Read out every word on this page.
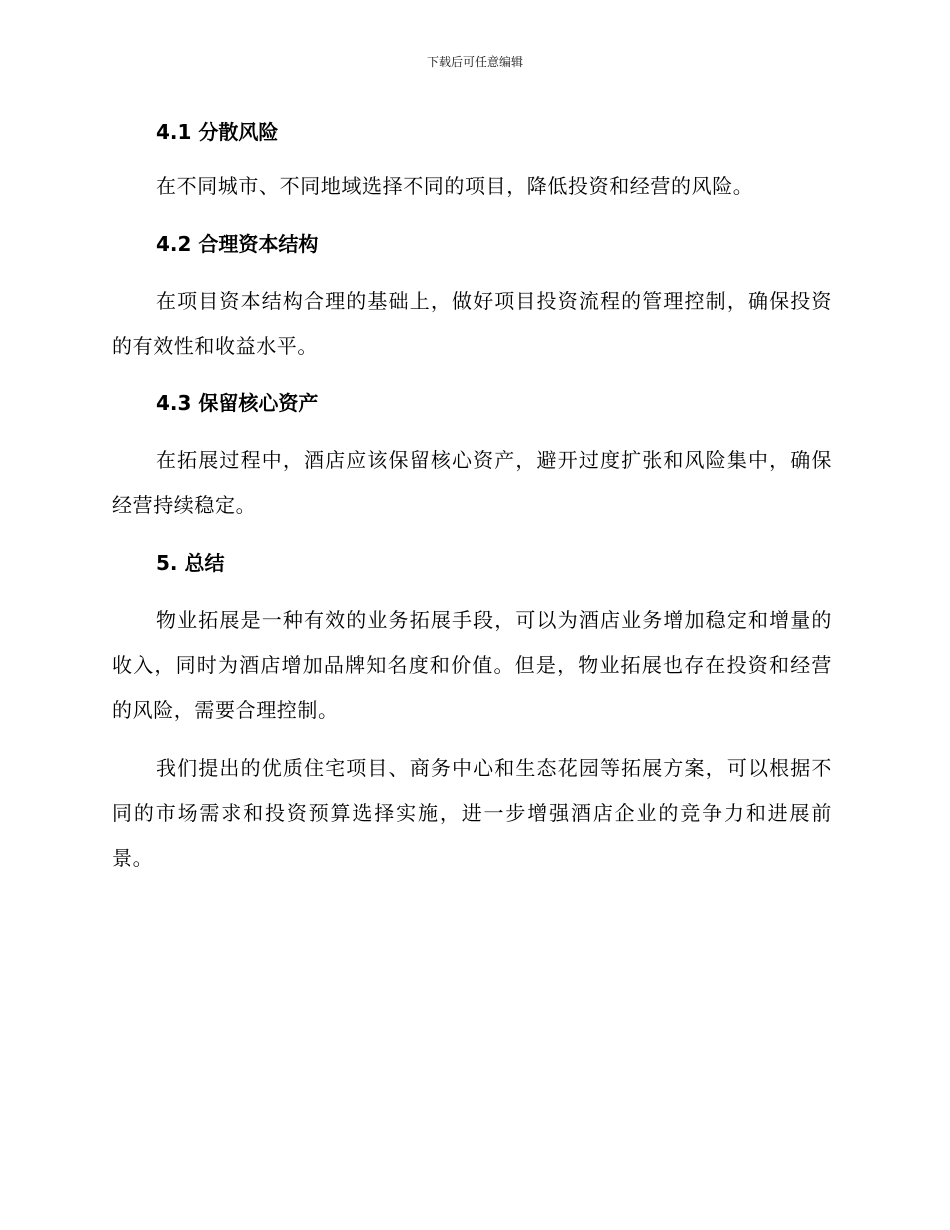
下载后可任意编辑
4.1 分散风险
在不同城市、不同地域选择不同的项目，降低投资和经营的风险。
4.2 合理资本结构
在项目资本结构合理的基础上，做好项目投资流程的管理控制，确保投资的有效性和收益水平。
4.3 保留核心资产
在拓展过程中，酒店应该保留核心资产，避开过度扩张和风险集中，确保经营持续稳定。
5. 总结
物业拓展是一种有效的业务拓展手段，可以为酒店业务增加稳定和增量的收入，同时为酒店增加品牌知名度和价值。但是，物业拓展也存在投资和经营的风险，需要合理控制。
我们提出的优质住宅项目、商务中心和生态花园等拓展方案，可以根据不同的市场需求和投资预算选择实施，进一步增强酒店企业的竞争力和进展前景。
